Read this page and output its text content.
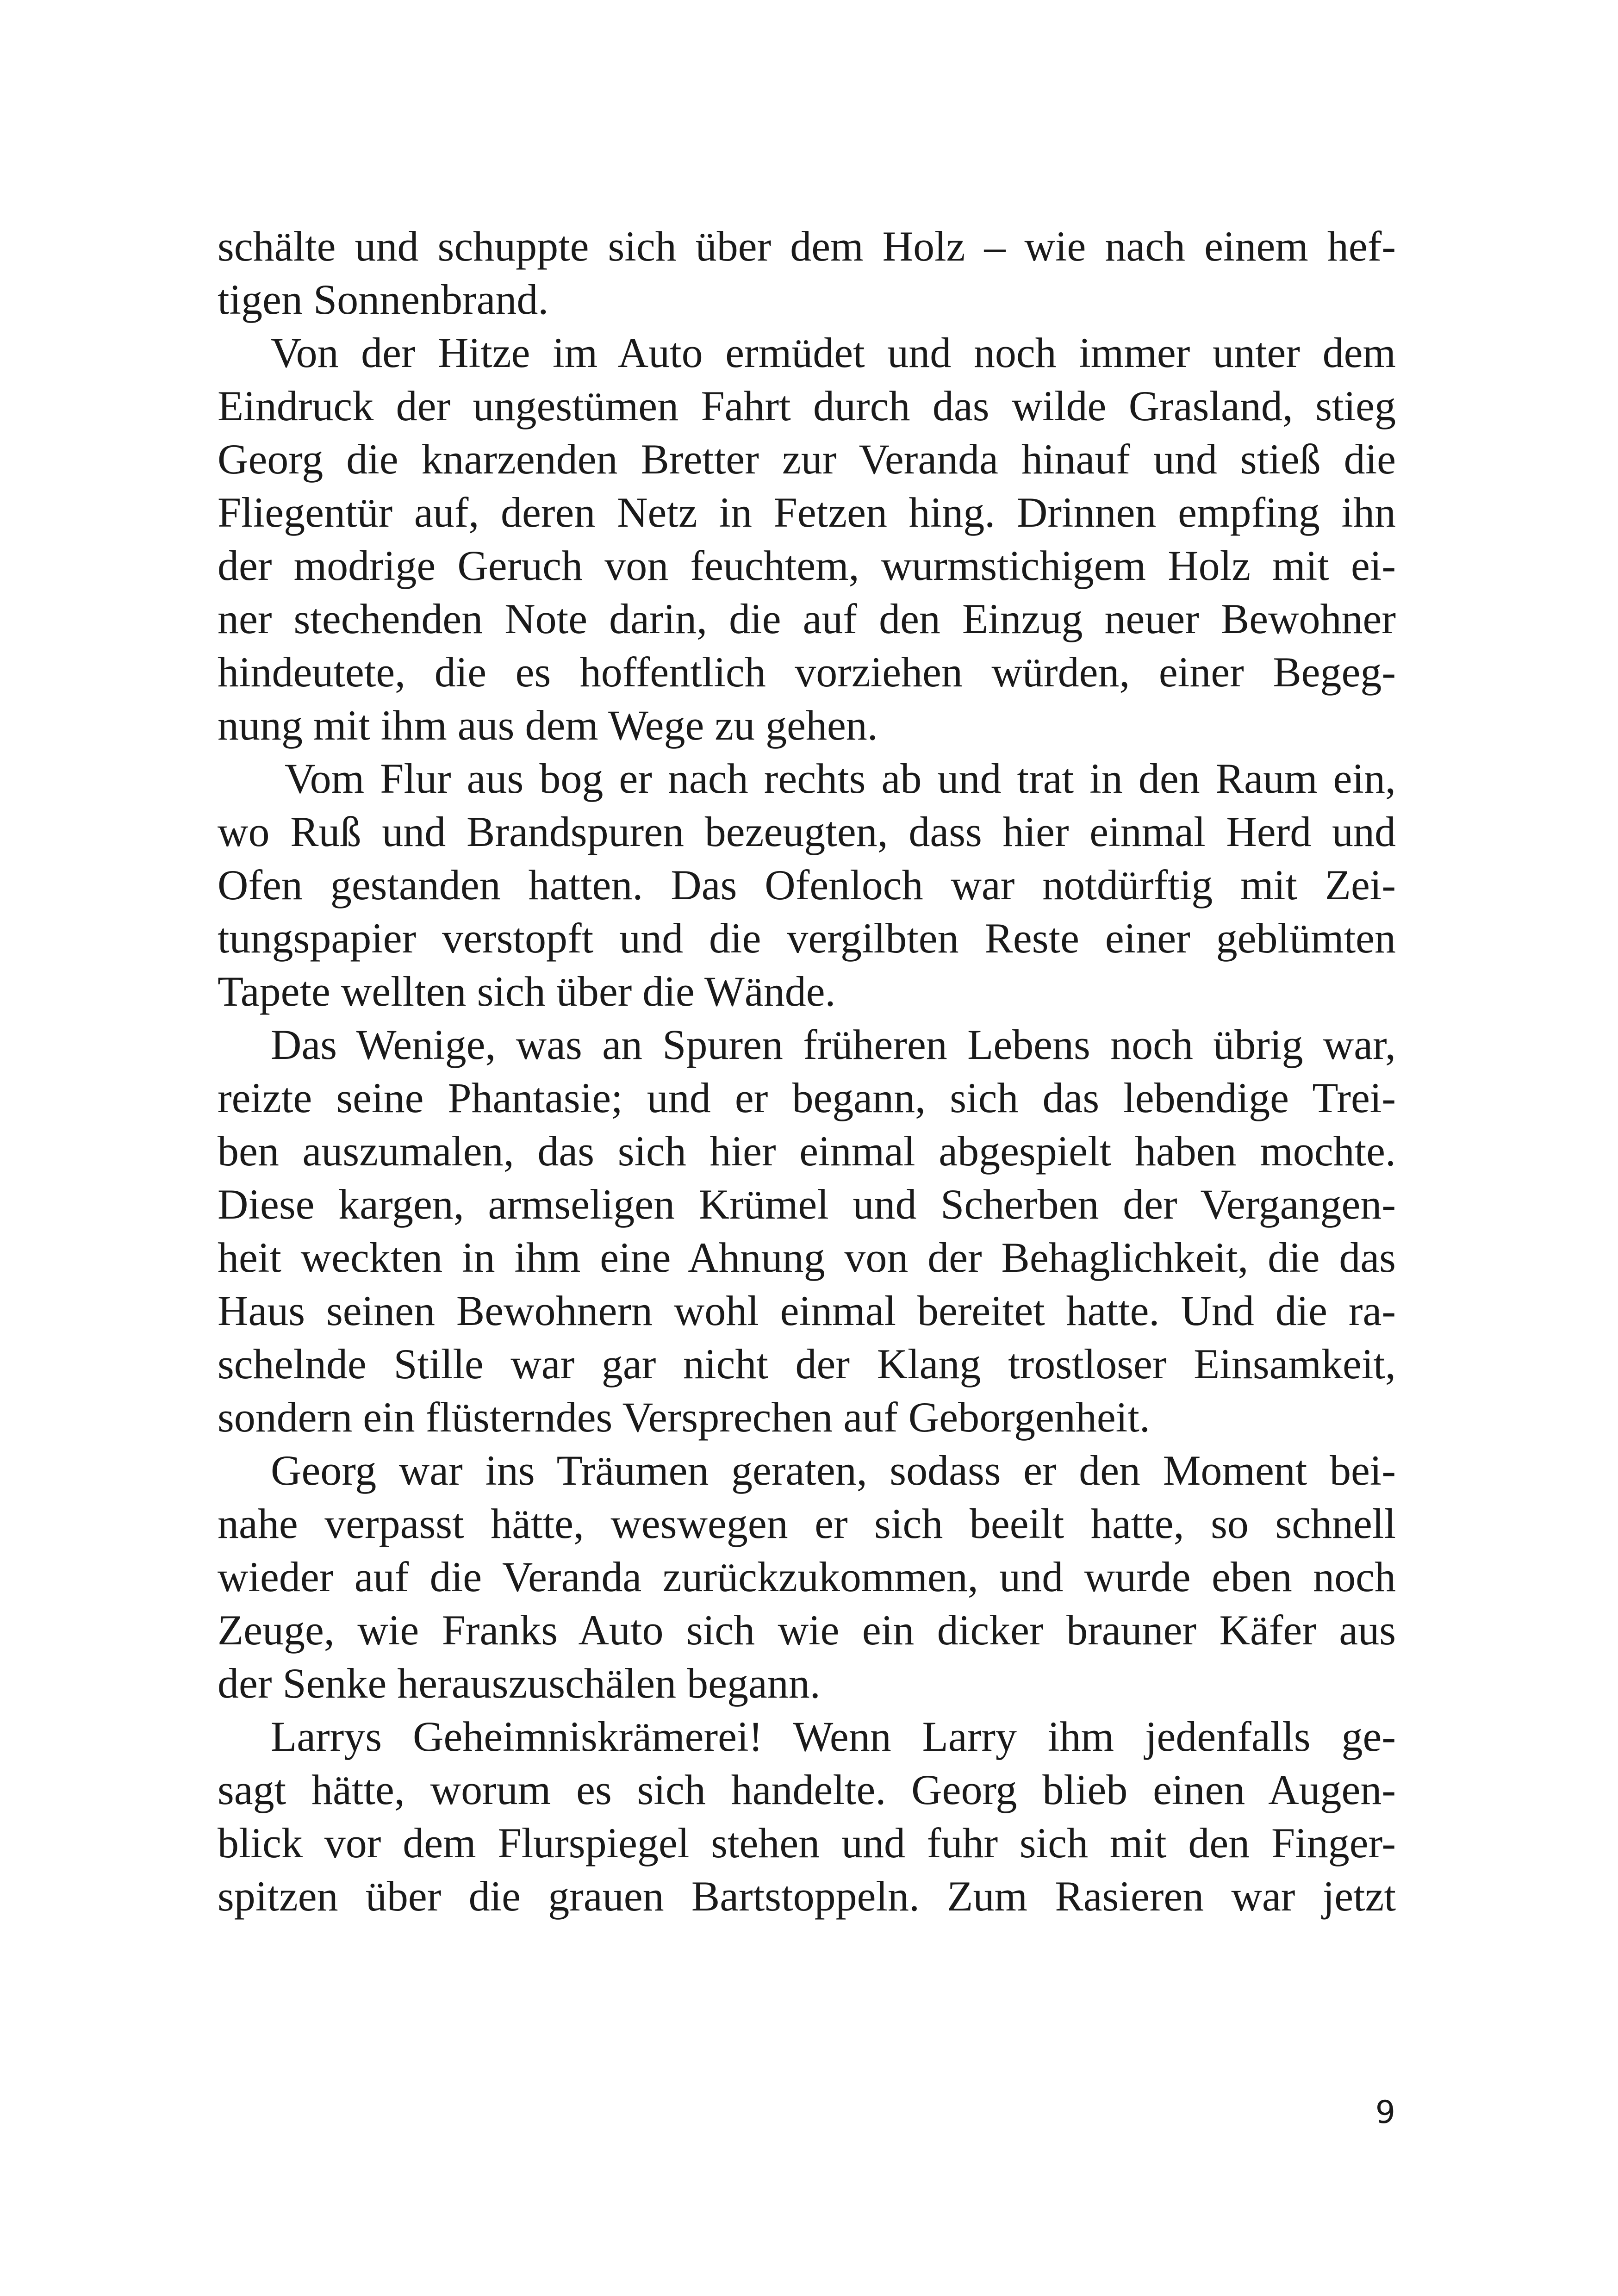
schälte und schuppte sich über dem Holz – wie nach einem hef-
tigen Sonnenbrand.
Von der Hitze im Auto ermüdet und noch immer unter dem
Eindruck der ungestümen Fahrt durch das wilde Grasland, stieg
Georg die knarzenden Bretter zur Veranda hinauf und stieß die
Fliegentür auf, deren Netz in Fetzen hing. Drinnen empfing ihn
der modrige Geruch von feuchtem, wurmstichigem Holz mit ei-
ner stechenden Note darin, die auf den Einzug neuer Bewohner
hindeutete, die es hoffentlich vorziehen würden, einer Begeg-
nung mit ihm aus dem Wege zu gehen.
Vom Flur aus bog er nach rechts ab und trat in den Raum ein,
wo Ruß und Brandspuren bezeugten, dass hier einmal Herd und
Ofen gestanden hatten. Das Ofenloch war notdürftig mit Zei-
tungspapier verstopft und die vergilbten Reste einer geblümten
Tapete wellten sich über die Wände.
Das Wenige, was an Spuren früheren Lebens noch übrig war,
reizte seine Phantasie; und er begann, sich das lebendige Trei-
ben auszumalen, das sich hier einmal abgespielt haben mochte.
Diese kargen, armseligen Krümel und Scherben der Vergangen-
heit weckten in ihm eine Ahnung von der Behaglichkeit, die das
Haus seinen Bewohnern wohl einmal bereitet hatte. Und die ra-
schelnde Stille war gar nicht der Klang trostloser Einsamkeit,
sondern ein flüsterndes Versprechen auf Geborgenheit.
Georg war ins Träumen geraten, sodass er den Moment bei-
nahe verpasst hätte, weswegen er sich beeilt hatte, so schnell
wieder auf die Veranda zurückzukommen, und wurde eben noch
Zeuge, wie Franks Auto sich wie ein dicker brauner Käfer aus
der Senke herauszuschälen begann.
Larrys Geheimniskrämerei! Wenn Larry ihm jedenfalls ge-
sagt hätte, worum es sich handelte. Georg blieb einen Augen-
blick vor dem Flurspiegel stehen und fuhr sich mit den Finger-
spitzen über die grauen Bartstoppeln. Zum Rasieren war jetzt
9
